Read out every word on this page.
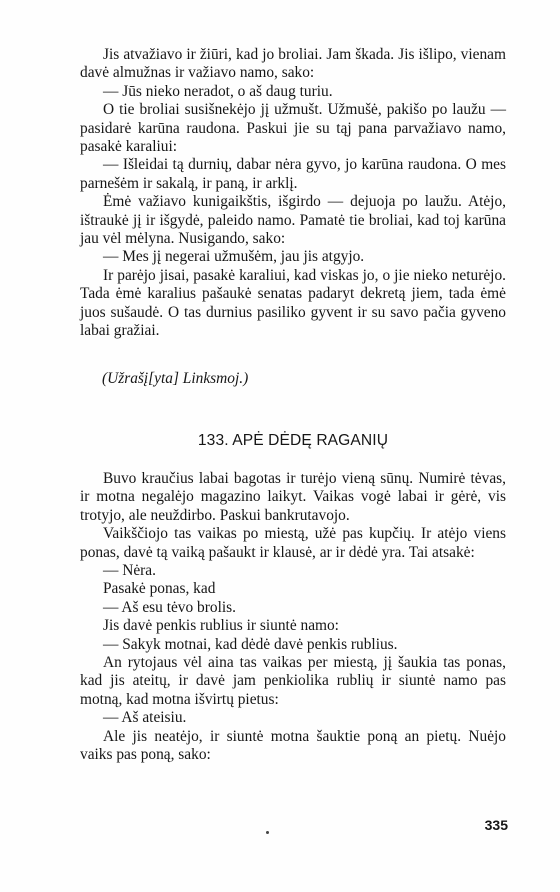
Jis atvažiavo ir žiūri, kad jo broliai. Jam škada. Jis išlipo, vienam davė almužnas ir važiavo namo, sako:

— Jūs nieko neradot, o aš daug turiu.

O tie broliai susišnekėjo jį užmušt. Užmušė, pakišo po lаužu — pasidarė karūna raudona. Paskui jie su tąj pana parvažiavo namo, pasakė karaliui:

— Išleidai tą durnių, dabar nėra gyvo, jo karūna raudona. O mes parnešėm ir sakalą, ir paną, ir arklį.

Ėmė važiavo kunigaikštis, išgirdo — dejuoja po lаužu. Atėjo, ištraukė jį ir išgydė, paleido namo. Pamatė tie broliai, kad toj karūna jau vėl mėlyna. Nusigando, sako:

— Mes jį negerai užmušėm, jau jis atgyjo.

Ir parėjo jisai, pasakė karaliui, kad viskas jo, o jie nieko neturėjo. Tada ėmė karalius pašaukė senatas padaryt dekretą jiem, tada ėmė juos sušaudė. O tas durnius pasiliko gyvent ir su savo pačia gyveno labai gražiai.

(Užrašį[yta] Linksmoj.)
133. APĖ DĖDĘ RAGANIŲ

Buvo kraučius labai bagotas ir turėjo vieną sūnų. Numirė tėvas, ir motna negalėjo magazino laikyt. Vaikas vogė labai ir gėrė, vis trotyjo, ale neuždirbo. Paskui bankrutavojo.

Vaikščiojo tas vaikas po miestą, užė pas kupčių. Ir atėjo viens ponas, davė tą vaiką pašaukt ir klausė, ar ir dėdė yra. Tai atsakė:

— Nėra.

Pasakė ponas, kad

— Aš esu tėvo brolis.

Jis davė penkis rublius ir siuntė namo:

— Sakyk motnai, kad dėdė davė penkis rublius.

An rytojaus vėl aina tas vaikas per miestą, jį šaukia tas ponas, kad jis ateitų, ir davė jam penkiolika rublių ir siuntė namo pas motną, kad motna išvirtų pietus:

— Aš ateisiu.

Ale jis neatėjo, ir siuntė motna šauktie poną an pietų. Nuėjo vaiks pas poną, sako:

335
